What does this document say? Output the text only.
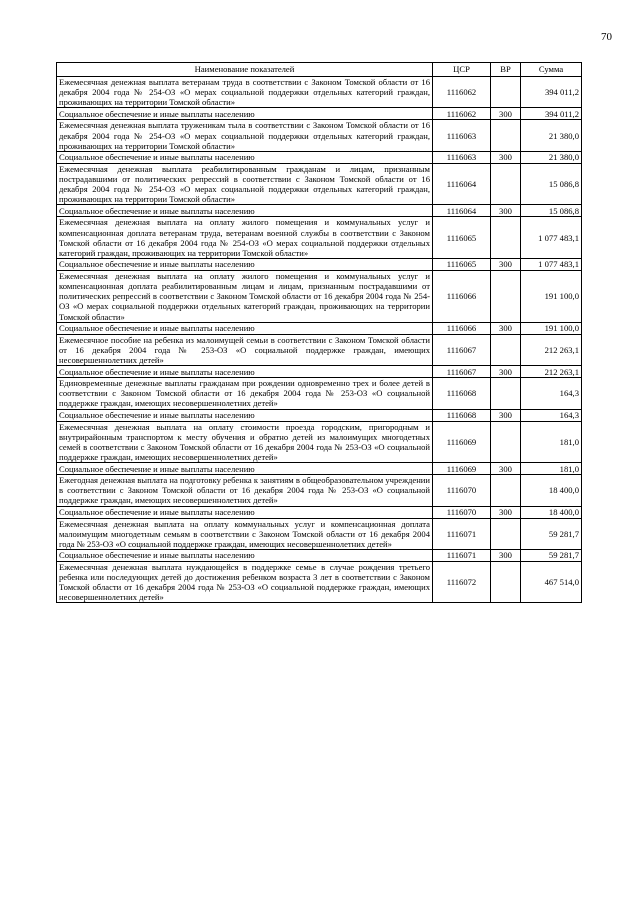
70
Наименование показателей	ЦСР	ВР	Сумма
Ежемесячная денежная выплата ветеранам труда в соответствии с Законом Томской области от 16 декабря 2004 года № 254-ОЗ «О мерах социальной поддержки отдельных категорий граждан, проживающих на территории Томской области»	1116062		394 011,2
Социальное обеспечение и иные выплаты населению	1116062	300	394 011,2
Ежемесячная денежная выплата труженикам тыла в соответствии с Законом Томской области от 16 декабря 2004 года № 254-ОЗ «О мерах социальной поддержки отдельных категорий граждан, проживающих на территории Томской области»	1116063		21 380,0
Социальное обеспечение и иные выплаты населению	1116063	300	21 380,0
Ежемесячная денежная выплата реабилитированным гражданам и лицам, признанным пострадавшими от политических репрессий в соответствии с Законом Томской области от 16 декабря 2004 года № 254-ОЗ «О мерах социальной поддержки отдельных категорий граждан, проживающих на территории Томской области»	1116064		15 086,8
Социальное обеспечение и иные выплаты населению	1116064	300	15 086,8
Ежемесячная денежная выплата на оплату жилого помещения и коммунальных услуг и компенсационная доплата ветеранам труда, ветеранам военной службы в соответствии с Законом Томской области от 16 декабря 2004 года № 254-ОЗ «О мерах социальной поддержки отдельных категорий граждан, проживающих на территории Томской области»	1116065		1 077 483,1
Социальное обеспечение и иные выплаты населению	1116065	300	1 077 483,1
Ежемесячная денежная выплата на оплату жилого помещения и коммунальных услуг и компенсационная доплата реабилитированным лицам и лицам, признанным пострадавшими от политических репрессий в соответствии с Законом Томской области от 16 декабря 2004 года № 254-ОЗ «О мерах социальной поддержки отдельных категорий граждан, проживающих на территории Томской области»	1116066		191 100,0
Социальное обеспечение и иные выплаты населению	1116066	300	191 100,0
Ежемесячное пособие на ребенка из малоимущей семьи в соответствии с Законом Томской области от 16 декабря 2004 года № 253-ОЗ «О социальной поддержке граждан, имеющих несовершеннолетних детей»	1116067		212 263,1
Социальное обеспечение и иные выплаты населению	1116067	300	212 263,1
Единовременные денежные выплаты гражданам при рождении одновременно трех и более детей в соответствии с Законом Томской области от 16 декабря 2004 года № 253-ОЗ «О социальной поддержке граждан, имеющих несовершеннолетних детей»	1116068		164,3
Социальное обеспечение и иные выплаты населению	1116068	300	164,3
Ежемесячная денежная выплата на оплату стоимости проезда городским, пригородным и внутрирайонным транспортом к месту обучения и обратно детей из малоимущих многодетных семей в соответствии с Законом Томской области от 16 декабря 2004 года № 253-ОЗ «О социальной поддержке граждан, имеющих несовершеннолетних детей»	1116069		181,0
Социальное обеспечение и иные выплаты населению	1116069	300	181,0
Ежегодная денежная выплата на подготовку ребенка к занятиям в общеобразовательном учреждении в соответствии с Законом Томской области от 16 декабря 2004 года № 253-ОЗ «О социальной поддержке граждан, имеющих несовершеннолетних детей»	1116070		18 400,0
Социальное обеспечение и иные выплаты населению	1116070	300	18 400,0
Ежемесячная денежная выплата на оплату коммунальных услуг и компенсационная доплата малоимущим многодетным семьям в соответствии с Законом Томской области от 16 декабря 2004 года № 253-ОЗ «О социальной поддержке граждан, имеющих несовершеннолетних детей»	1116071		59 281,7
Социальное обеспечение и иные выплаты населению	1116071	300	59 281,7
Ежемесячная денежная выплата нуждающейся в поддержке семье в случае рождения третьего ребенка или последующих детей до достижения ребенком возраста 3 лет в соответствии с Законом Томской области от 16 декабря 2004 года № 253-ОЗ «О социальной поддержке граждан, имеющих несовершеннолетних детей»	1116072		467 514,0
